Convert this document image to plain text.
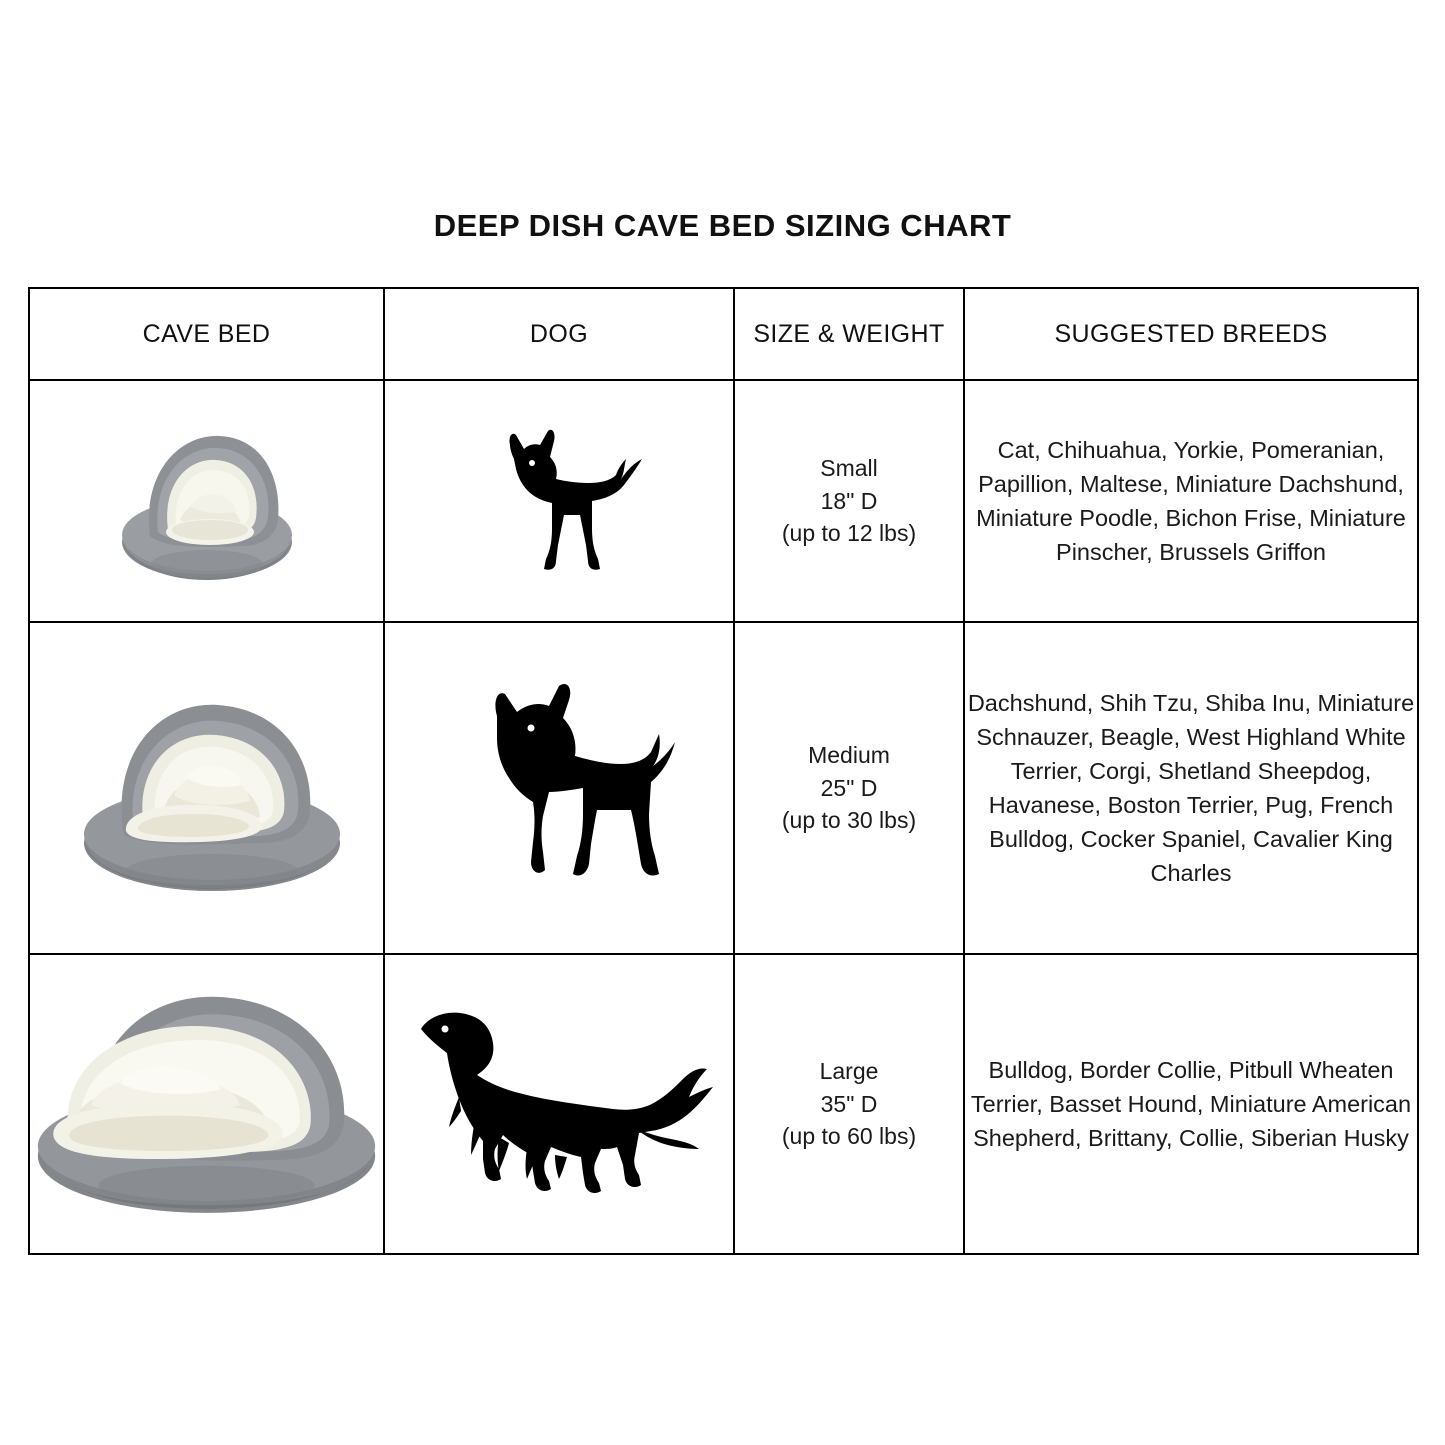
DEEP DISH CAVE BED SIZING CHART
CAVE BED	DOG	SIZE & WEIGHT	SUGGESTED BREEDS

Small
18" D
(up to 12 lbs)	Cat, Chihuahua, Yorkie, Pomeranian, Papillion, Maltese, Miniature Dachshund, Miniature Poodle, Bichon Frise, Miniature Pinscher, Brussels Griffon

Medium
25" D
(up to 30 lbs)	Dachshund, Shih Tzu, Shiba Inu, Miniature Schnauzer, Beagle, West Highland White Terrier, Corgi, Shetland Sheepdog, Havanese, Boston Terrier, Pug, French Bulldog, Cocker Spaniel, Cavalier King Charles

Large
35" D
(up to 60 lbs)	Bulldog, Border Collie, Pitbull Wheaten Terrier, Basset Hound, Miniature American Shepherd, Brittany, Collie, Siberian Husky
